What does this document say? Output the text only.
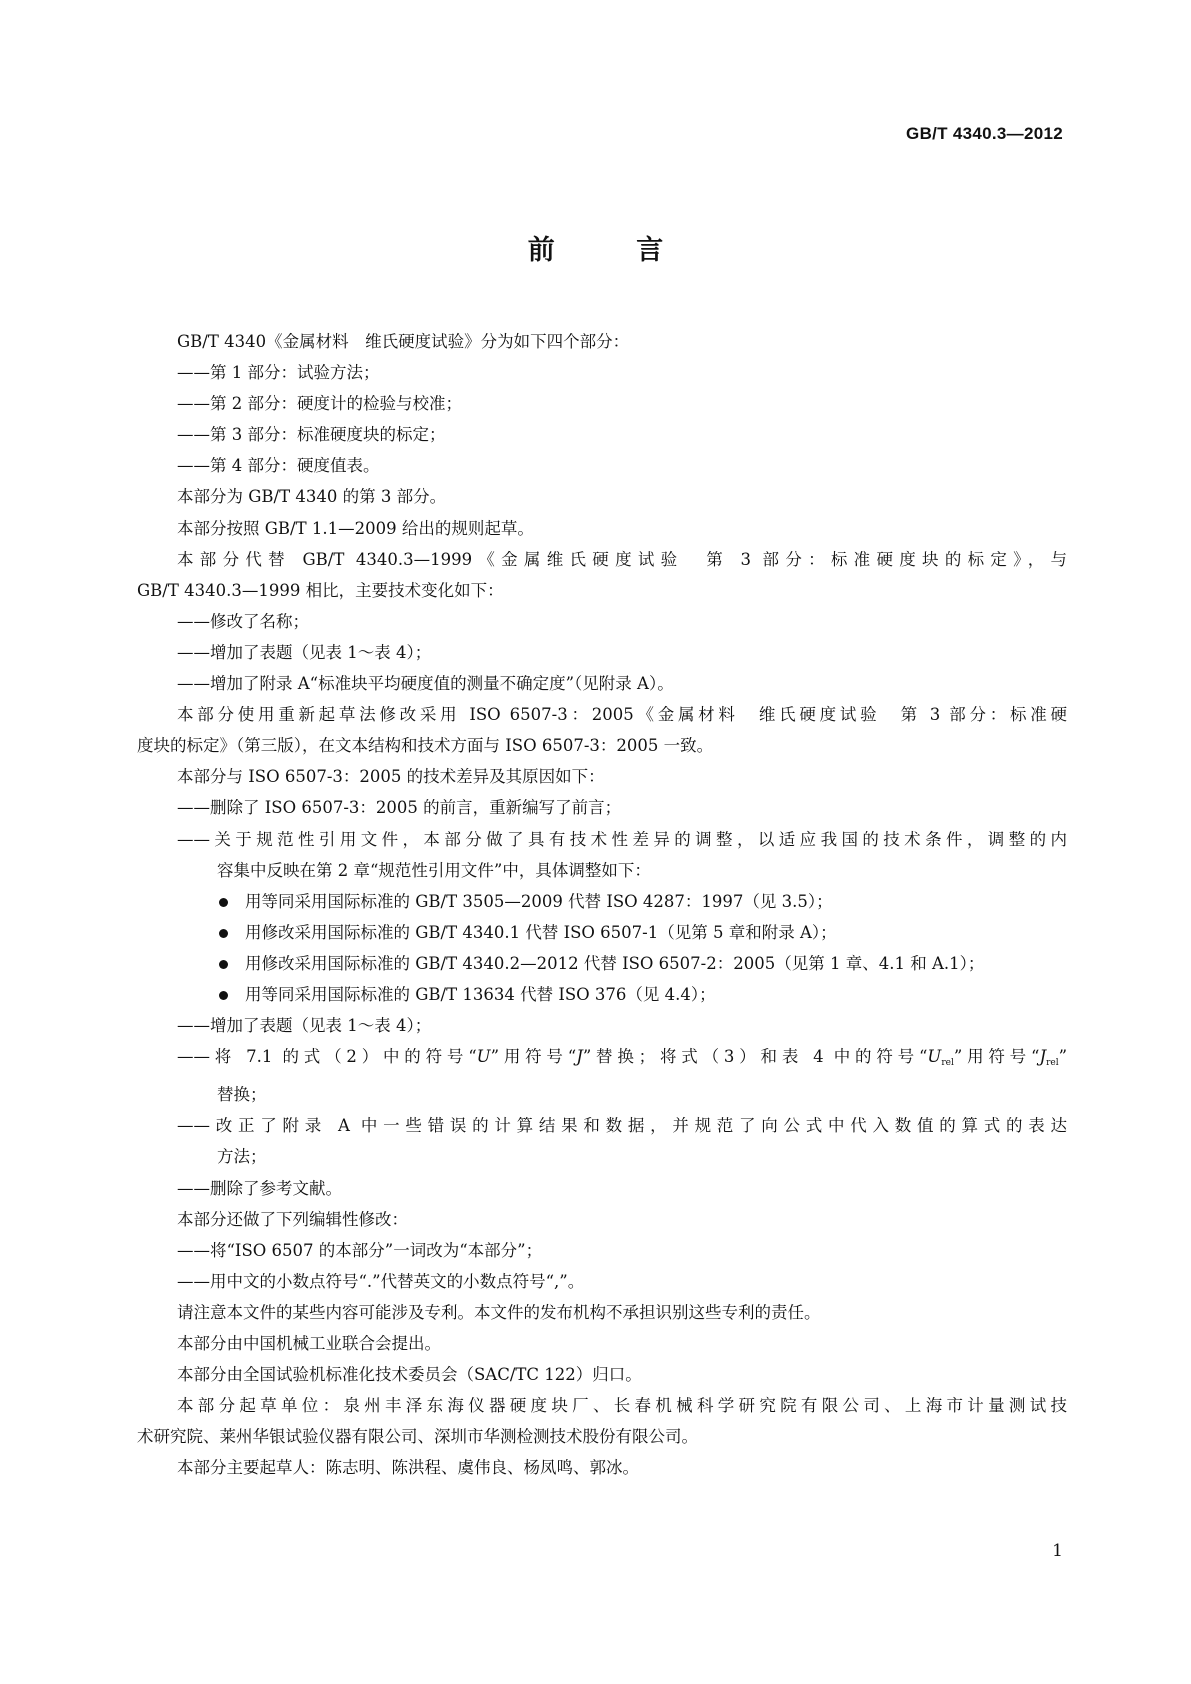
GB/T 4340.3—2012
前 言

GB/T 4340《金属材料　维氏硬度试验》分为如下四个部分：

——第 1 部分：试验方法；

——第 2 部分：硬度计的检验与校准；

——第 3 部分：标准硬度块的标定；

——第 4 部分：硬度值表。

本部分为 GB/T 4340 的第 3 部分。

本部分按照 GB/T 1.1—2009 给出的规则起草。

本部分代替 GB/T 4340.3—1999《金属维氏硬度试验　第 3 部分：标准硬度块的标定》，与

GB/T 4340.3—1999 相比，主要技术变化如下：

——修改了名称；

——增加了表题（见表 1～表 4）；

——增加了附录 A“标准块平均硬度值的测量不确定度”（见附录 A）。

本部分使用重新起草法修改采用 ISO 6507-3：2005《金属材料　维氏硬度试验　第 3 部分：标准硬

度块的标定》（第三版），在文本结构和技术方面与 ISO 6507-3：2005 一致。

本部分与 ISO 6507-3：2005 的技术差异及其原因如下：

——删除了 ISO 6507-3：2005 的前言，重新编写了前言；

——关于规范性引用文件，本部分做了具有技术性差异的调整，以适应我国的技术条件，调整的内

容集中反映在第 2 章“规范性引用文件”中，具体调整如下：

用等同采用国际标准的 GB/T 3505—2009 代替 ISO 4287：1997（见 3.5）；

用修改采用国际标准的 GB/T 4340.1 代替 ISO 6507-1（见第 5 章和附录 A）；

用修改采用国际标准的 GB/T 4340.2—2012 代替 ISO 6507-2：2005（见第 1 章、4.1 和 A.1）；

用等同采用国际标准的 GB/T 13634 代替 ISO 376（见 4.4）；

——增加了表题（见表 1～表 4）；

——将 7.1 的式（2）中的符号“U”用符号“J”替换；将式（3）和表 4 中的符号“$U_{rel}$”用符号“$J_{rel}$”

替换；

——改正了附录 A 中一些错误的计算结果和数据，并规范了向公式中代入数值的算式的表达

方法；

——删除了参考文献。

本部分还做了下列编辑性修改：

——将“ISO 6507 的本部分”一词改为“本部分”；

——用中文的小数点符号“.”代替英文的小数点符号“,”。

请注意本文件的某些内容可能涉及专利。本文件的发布机构不承担识别这些专利的责任。

本部分由中国机械工业联合会提出。

本部分由全国试验机标准化技术委员会（SAC/TC 122）归口。

本部分起草单位：泉州丰泽东海仪器硬度块厂、长春机械科学研究院有限公司、上海市计量测试技

术研究院、莱州华银试验仪器有限公司、深圳市华测检测技术股份有限公司。

本部分主要起草人：陈志明、陈洪程、虞伟良、杨凤鸣、郭冰。

1
